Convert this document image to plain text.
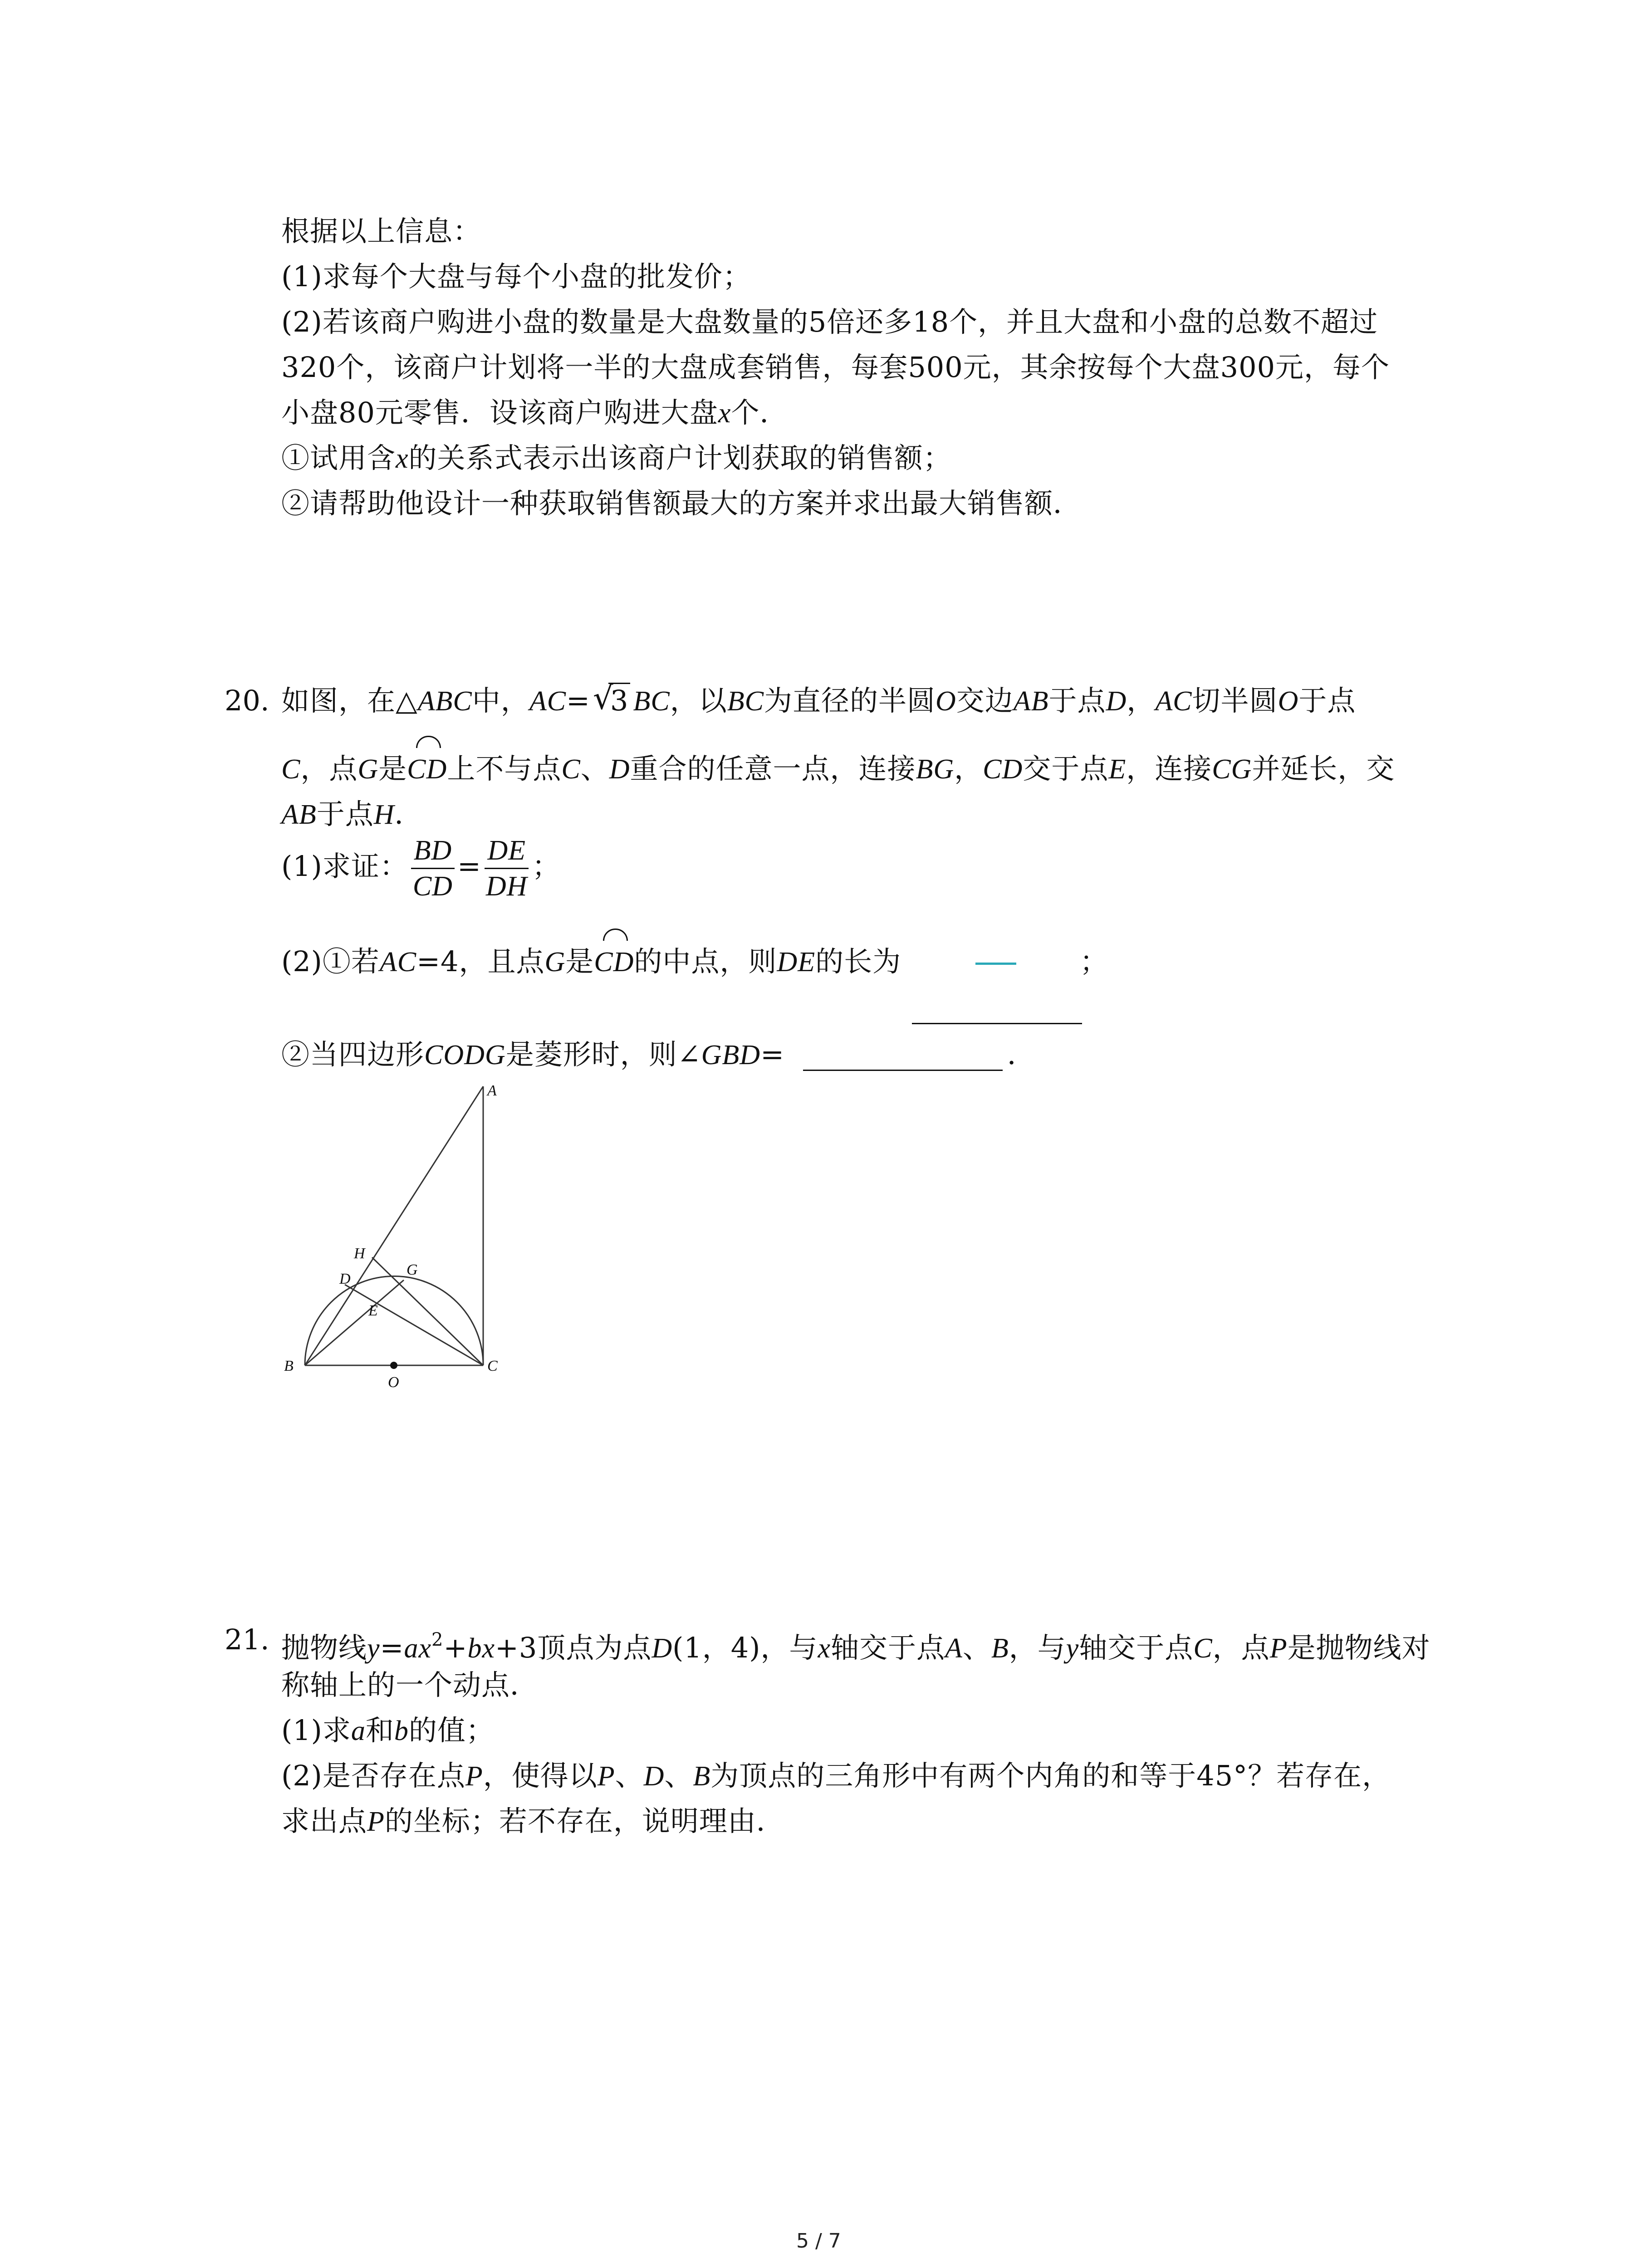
根据以上信息：
(1)求每个大盘与每个小盘的批发价；
(2)若该商户购进小盘的数量是大盘数量的5倍还多18个，并且大盘和小盘的总数不超过
320个，该商户计划将一半的大盘成套销售，每套500元，其余按每个大盘300元，每个
小盘80元零售．设该商户购进大盘x个．
①试用含x的关系式表示出该商户计划获取的销售额；
②请帮助他设计一种获取销售额最大的方案并求出最大销售额．
20. 如图，在△ABC中，AC= √
3 BC，以BC为直径的半圆O交边AB于点D，AC切半圆O于点
C，点G是CD上不与点C、D重合的任意一点，连接BG，CD交于点E，连接CG并延长，交
AB于点H．
(1)求证： $\frac{BD}{CD} = \frac{DE}{DH}$ ；
(2)①若AC=4，且点G是CD的中点，则DE的长为	；
②当四边形CODG是菱形时，则∠GBD=	．
A
H
G
D
E
B
O
C
21. 抛物线$y=ax^2+bx+3$顶点为点D(1，4)，与x轴交于点A、B，与y轴交于点C，点P是抛物线对
称轴上的一个动点．
(1)求a和b的值；
(2)是否存在点P，使得以P、D、B为顶点的三角形中有两个内角的和等于45°？若存在，
求出点P的坐标；若不存在，说明理由．
5 / 7
